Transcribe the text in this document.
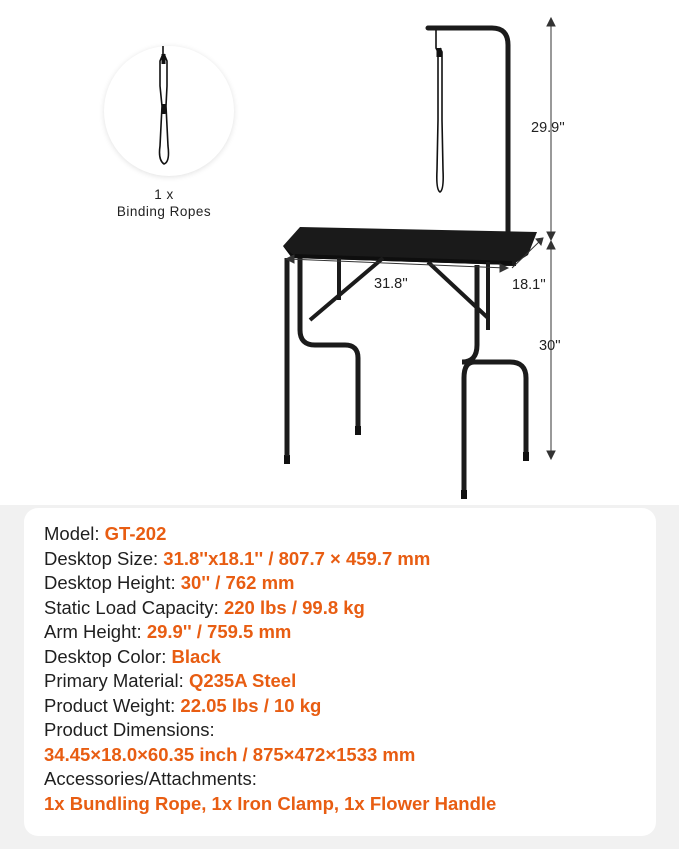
1 x
Binding Ropes
29.9''
31.8''	18.1''
30''
Model: GT-202
Desktop Size: 31.8''x18.1'' / 807.7 × 459.7 mm
Desktop Height: 30'' / 762 mm
Static Load Capacity: 220 lbs / 99.8 kg
Arm Height: 29.9'' / 759.5 mm
Desktop Color: Black
Primary Material: Q235A Steel
Product Weight: 22.05 lbs / 10 kg
Product Dimensions:
34.45×18.0×60.35 inch / 875×472×1533 mm
Accessories/Attachments:
1x Bundling Rope, 1x Iron Clamp, 1x Flower Handle
